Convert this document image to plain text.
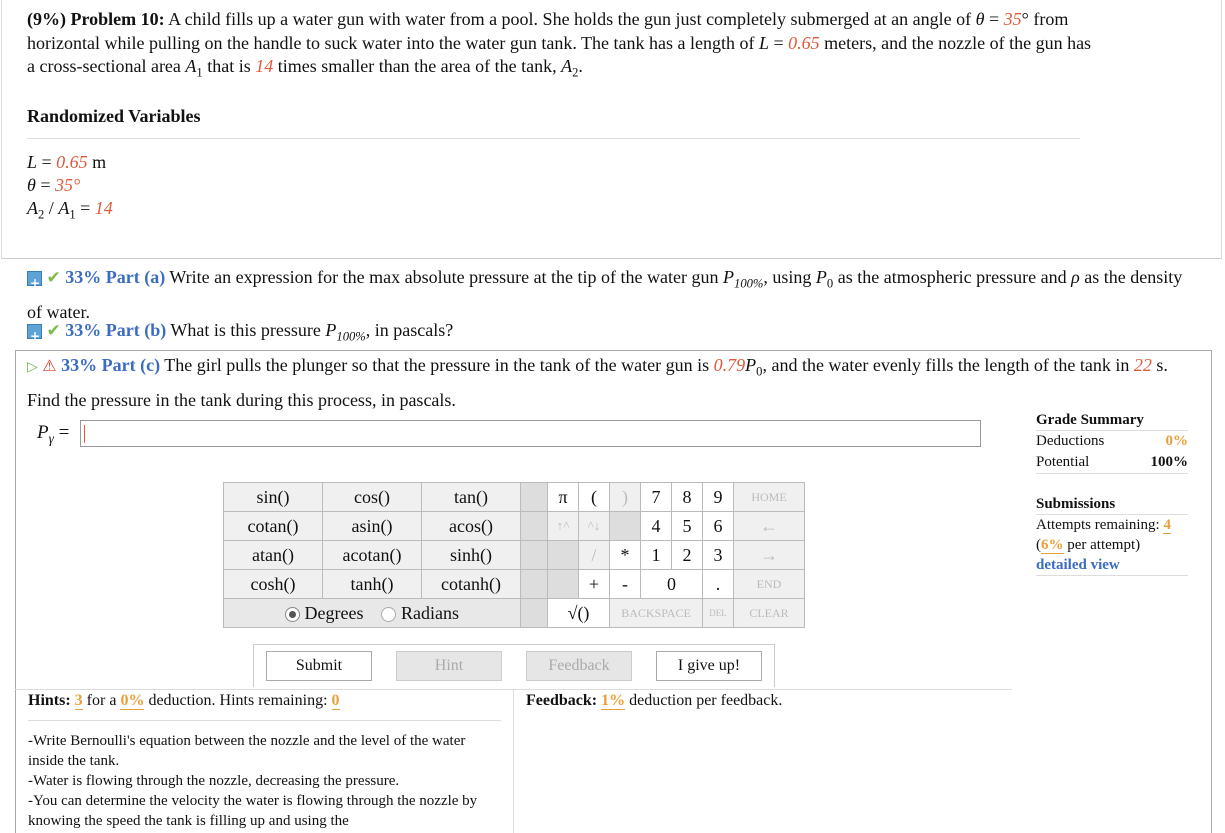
(9%) Problem 10: A child fills up a water gun with water from a pool. She holds the gun just completely submerged at an angle of θ = 35° from horizontal while pulling on the handle to suck water into the water gun tank. The tank has a length of L = 0.65 meters, and the nozzle of the gun has a cross-sectional area $A_1$ that is 14 times smaller than the area of the tank, $A_2$.
Randomized Variables
L = 0.65 m
θ = 35°
$A_2 / A_1 = 14$
+ ✔ 33% Part (a) Write an expression for the max absolute pressure at the tip of the water gun $P_{100\%}$, using $P_0$ as the atmospheric pressure and ρ as the density of water.
+ ✔ 33% Part (b) What is this pressure $P_{100\%}$, in pascals?
▷ ⚠ 33% Part (c) The girl pulls the plunger so that the pressure in the tank of the water gun is $0.79P_0$, and the water evenly fills the length of the tank in 22 s. Find the pressure in the tank during this process, in pascals.
$P_\gamma$ =
Grade Summary
Deductions	0%
Potential	100%
Submissions
Attempts remaining: 4
(6% per attempt)
detailed view
sin()	cos()	tan()		π	(	)	7	8	9	HOME
cotan()	asin()	acos()		↑^	^↓		4	5	6	←
atan()	acotan()	sinh()			/	*	1	2	3	→
cosh()	tanh()	cotanh()			+	-	0		.	END

Degrees Radians				√()		BACKSPACE			DEL	CLEAR
Submit	Hint	Feedback	I give up!
Hints: 3 for a 0% deduction. Hints remaining: 0
-Write Bernoulli's equation between the nozzle and the level of the water inside the tank.
-Water is flowing through the nozzle, decreasing the pressure.
-You can determine the velocity the water is flowing through the nozzle by knowing the speed the tank is filling up and using the
Feedback: 1% deduction per feedback.
